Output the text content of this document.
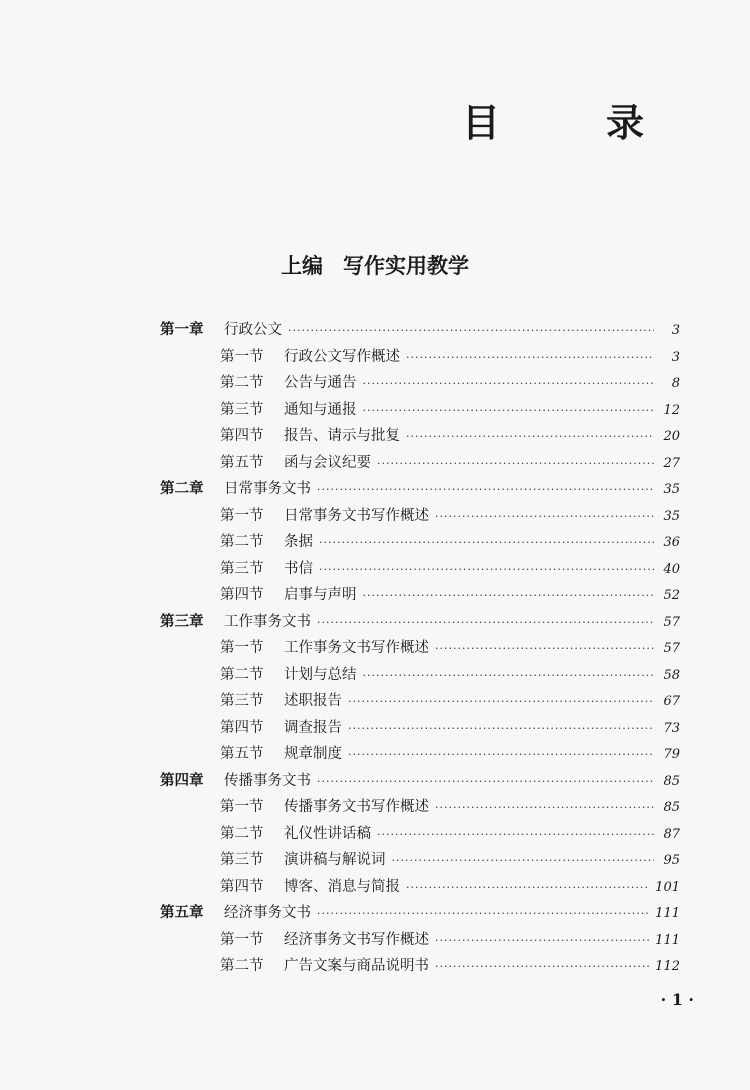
目　录
上编 写作实用教学
第一章	行政公文 ·····	3
第一节	行政公文写作概述 ·····	3
第二节	公告与通告 ·····	8
第三节	通知与通报 ·····	12
第四节	报告、请示与批复 ·····	20
第五节	函与会议纪要 ·····	27
第二章	日常事务文书 ·····	35
第一节	日常事务文书写作概述 ·····	35
第二节	条据 ·····	36
第三节	书信 ·····	40
第四节	启事与声明 ·····	52
第三章	工作事务文书 ·····	57
第一节	工作事务文书写作概述 ·····	57
第二节	计划与总结 ·····	58
第三节	述职报告 ·····	67
第四节	调查报告 ·····	73
第五节	规章制度 ·····	79
第四章	传播事务文书 ·····	85
第一节	传播事务文书写作概述 ·····	85
第二节	礼仪性讲话稿 ·····	87
第三节	演讲稿与解说词 ·····	95
第四节	博客、消息与简报 ·····	101
第五章	经济事务文书 ·····	111
第一节	经济事务文书写作概述 ·····	111
第二节	广告文案与商品说明书 ·····	112

· 1 ·
